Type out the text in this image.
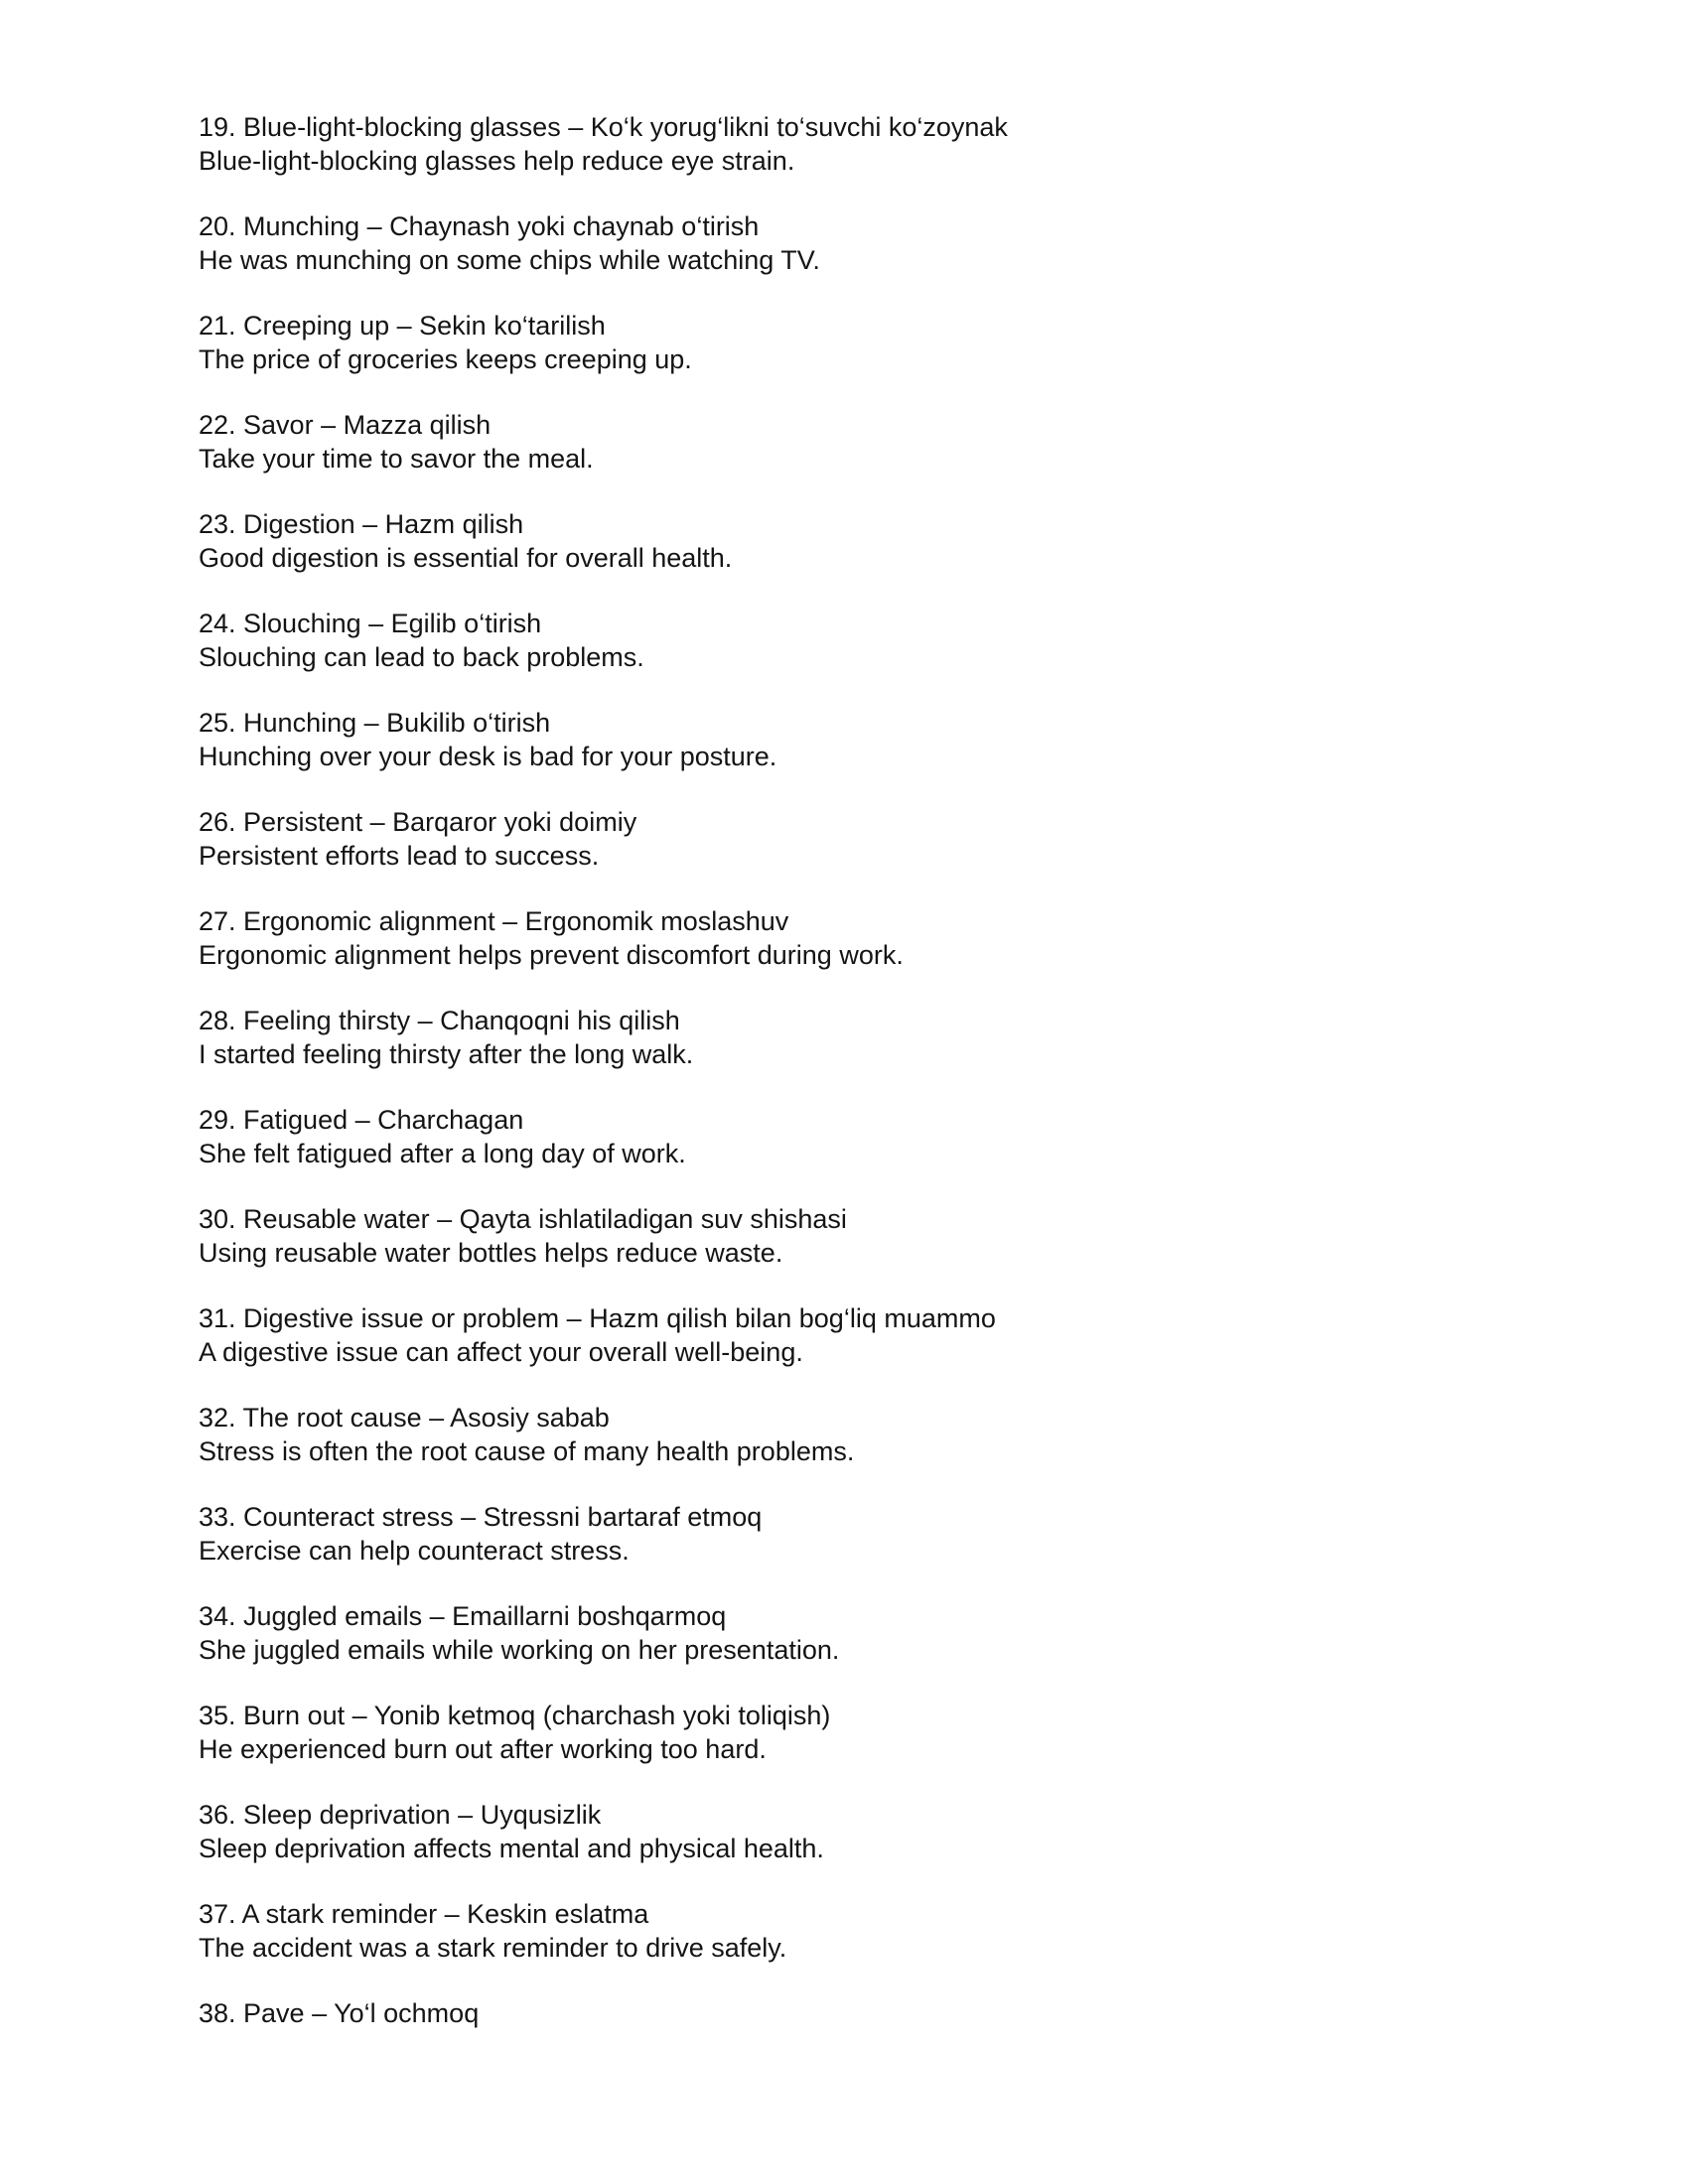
19. Blue-light-blocking glasses – Ko‘k yorug‘likni to‘suvchi ko‘zoynak
Blue-light-blocking glasses help reduce eye strain.
20. Munching – Chaynash yoki chaynab o‘tirish
He was munching on some chips while watching TV.
21. Creeping up – Sekin ko‘tarilish
The price of groceries keeps creeping up.
22. Savor – Mazza qilish
Take your time to savor the meal.
23. Digestion – Hazm qilish
Good digestion is essential for overall health.
24. Slouching – Egilib o‘tirish
Slouching can lead to back problems.
25. Hunching – Bukilib o‘tirish
Hunching over your desk is bad for your posture.
26. Persistent – Barqaror yoki doimiy
Persistent efforts lead to success.
27. Ergonomic alignment – Ergonomik moslashuv
Ergonomic alignment helps prevent discomfort during work.
28. Feeling thirsty – Chanqoqni his qilish
I started feeling thirsty after the long walk.
29. Fatigued – Charchagan
She felt fatigued after a long day of work.
30. Reusable water – Qayta ishlatiladigan suv shishasi
Using reusable water bottles helps reduce waste.
31. Digestive issue or problem – Hazm qilish bilan bog‘liq muammo
A digestive issue can affect your overall well-being.
32. The root cause – Asosiy sabab
Stress is often the root cause of many health problems.
33. Counteract stress – Stressni bartaraf etmoq
Exercise can help counteract stress.
34. Juggled emails – Emaillarni boshqarmoq
She juggled emails while working on her presentation.
35. Burn out – Yonib ketmoq (charchash yoki toliqish)
He experienced burn out after working too hard.
36. Sleep deprivation – Uyqusizlik
Sleep deprivation affects mental and physical health.
37. A stark reminder – Keskin eslatma
The accident was a stark reminder to drive safely.
38. Pave – Yo‘l ochmoq
